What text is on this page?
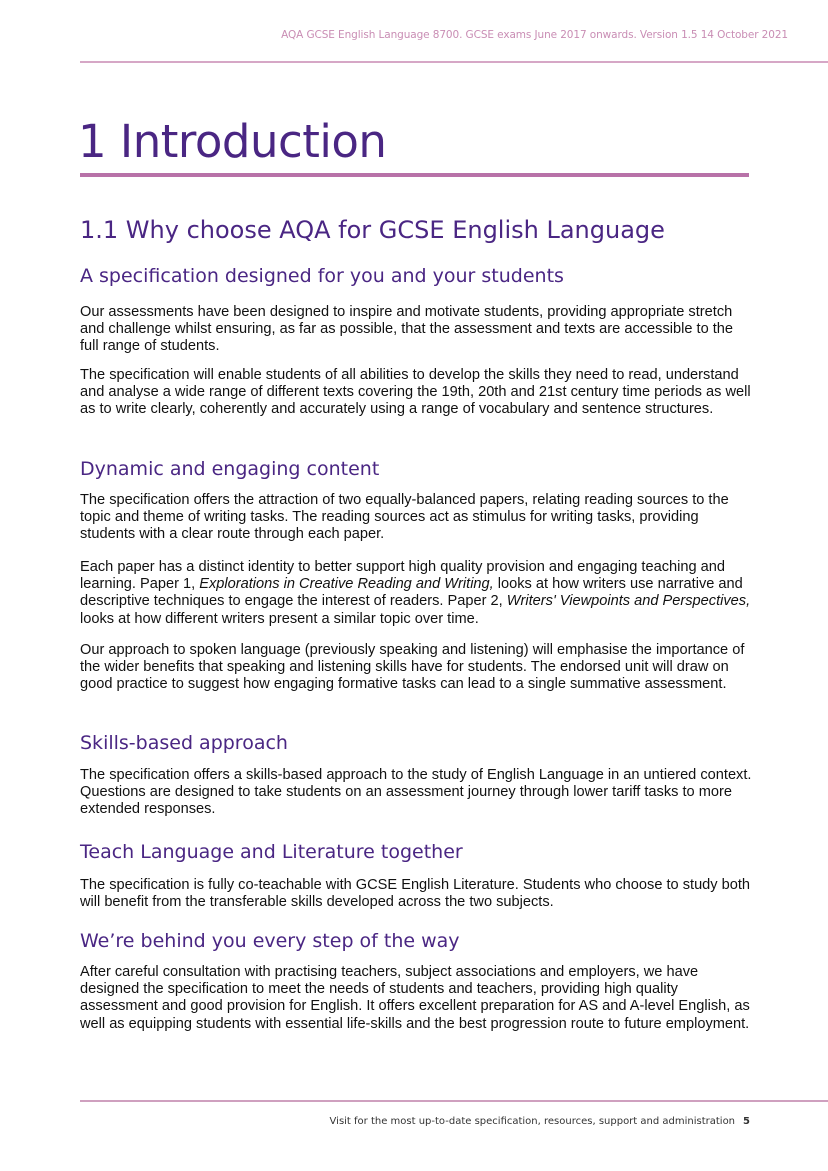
AQA GCSE English Language 8700. GCSE exams June 2017 onwards. Version 1.5 14 October 2021
1 Introduction
1.1 Why choose AQA for GCSE English Language
A specification designed for you and your students

Our assessments have been designed to inspire and motivate students, providing appropriate stretch and challenge whilst ensuring, as far as possible, that the assessment and texts are accessible to the full range of students.

The specification will enable students of all abilities to develop the skills they need to read, understand and analyse a wide range of different texts covering the 19th, 20th and 21st century time periods as well as to write clearly, coherently and accurately using a range of vocabulary and sentence structures.

Dynamic and engaging content

The specification offers the attraction of two equally-balanced papers, relating reading sources to the topic and theme of writing tasks. The reading sources act as stimulus for writing tasks, providing students with a clear route through each paper.

Each paper has a distinct identity to better support high quality provision and engaging teaching and learning. Paper 1, Explorations in Creative Reading and Writing, looks at how writers use narrative and descriptive techniques to engage the interest of readers. Paper 2, Writers' Viewpoints and Perspectives, looks at how different writers present a similar topic over time.

Our approach to spoken language (previously speaking and listening) will emphasise the importance of the wider benefits that speaking and listening skills have for students. The endorsed unit will draw on good practice to suggest how engaging formative tasks can lead to a single summative assessment.

Skills-based approach

The specification offers a skills-based approach to the study of English Language in an untiered context. Questions are designed to take students on an assessment journey through lower tariff tasks to more extended responses.

Teach Language and Literature together

The specification is fully co-teachable with GCSE English Literature. Students who choose to study both will benefit from the transferable skills developed across the two subjects.

We’re behind you every step of the way

After careful consultation with practising teachers, subject associations and employers, we have designed the specification to meet the needs of students and teachers, providing high quality assessment and good provision for English. It offers excellent preparation for AS and A-level English, as well as equipping students with essential life-skills and the best progression route to future employment.

Visit for the most up-to-date specification, resources, support and administration 5
